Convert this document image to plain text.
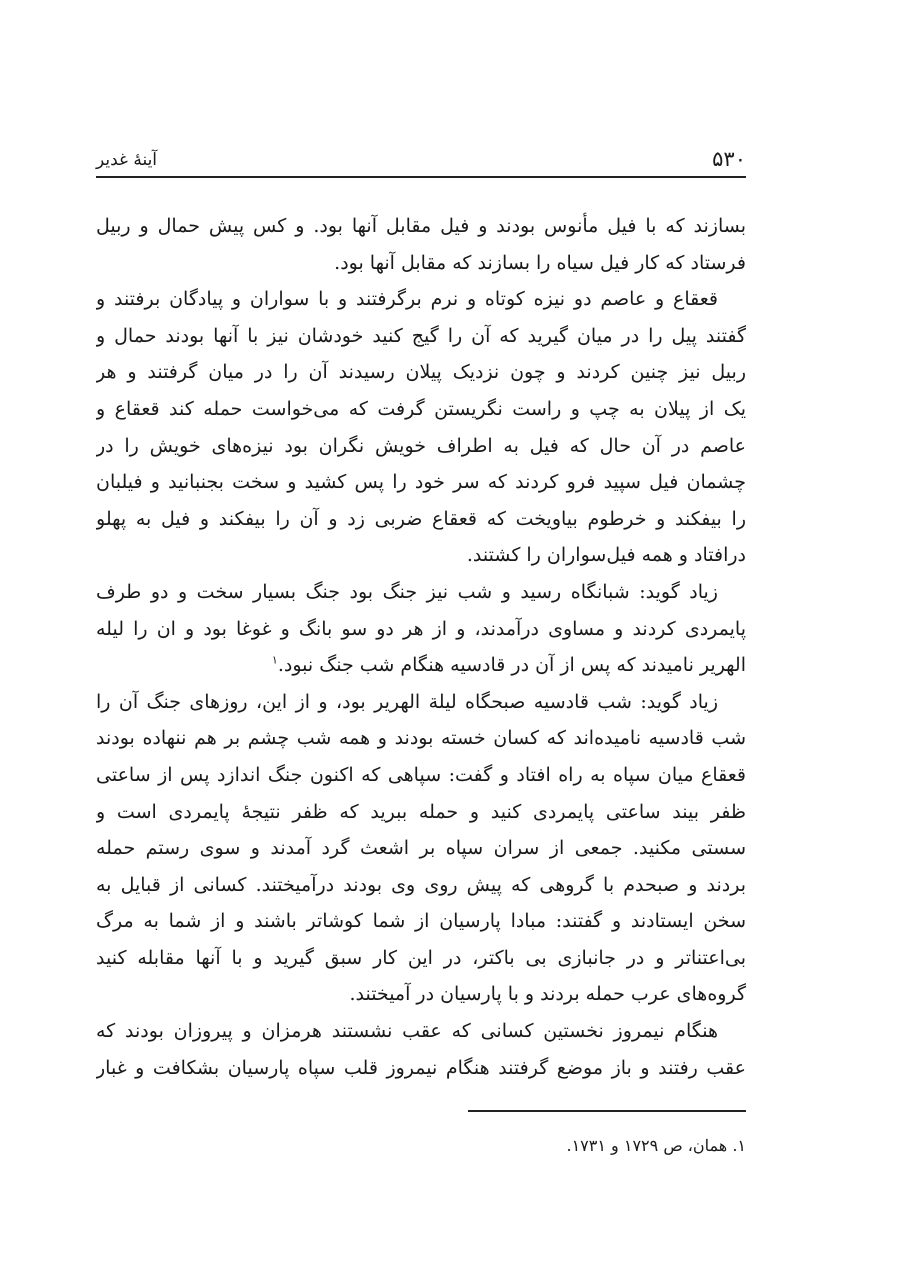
۵۳۰
آینهٔ غدیر
بسازند که با فیل مأنوس بودند و فیل مقابل آنها بود. و کس پیش حمال و ربیل
فرستاد که کار فیل سیاه را بسازند که مقابل آنها بود.
قعقاع و عاصم دو نیزه کوتاه و نرم برگرفتند و با سواران و پیادگان برفتند و
گفتند پیل را در میان گیرید که آن را گیج کنید خودشان نیز با آنها بودند حمال و
ربیل نیز چنین کردند و چون نزدیک پیلان رسیدند آن را در میان گرفتند و هر
یک از پیلان به چپ و راست نگریستن گرفت که می‌خواست حمله کند قعقاع و
عاصم در آن حال که فیل به اطراف خویش نگران بود نیزه‌های خویش را در
چشمان فیل سپید فرو کردند که سر خود را پس کشید و سخت بجنبانید و فیلبان
را بیفکند و خرطوم بیاویخت که قعقاع ضربی زد و آن را بیفکند و فیل به پهلو
درافتاد و همه فیل‌سواران را کشتند.
زیاد گوید: شبانگاه رسید و شب نیز جنگ بود جنگ بسیار سخت و دو طرف
پایمردی کردند و مساوی درآمدند، و از هر دو سو بانگ و غوغا بود و ان را لیله
الهریر نامیدند که پس از آن در قادسیه هنگام شب جنگ نبود.$^۱$
زیاد گوید: شب قادسیه صبحگاه لیلة الهریر بود، و از این، روزهای جنگ آن را
شب قادسیه نامیده‌اند که کسان خسته بودند و همه شب چشم بر هم ننهاده بودند
قعقاع میان سپاه به راه افتاد و گفت: سپاهی که اکنون جنگ اندازد پس از ساعتی
ظفر بیند ساعتی پایمردی کنید و حمله ببرید که ظفر نتیجهٔ پایمردی است و
سستی مکنید. جمعی از سران سپاه بر اشعث گرد آمدند و سوی رستم حمله
بردند و صبحدم با گروهی که پیش روی وی بودند درآمیختند. کسانی از قبایل به
سخن ایستادند و گفتند: مبادا پارسیان از شما کوشاتر باشند و از شما به مرگ
بی‌اعتناتر و در جانبازی بی باکتر، در این کار سبق گیرید و با آنها مقابله کنید
گروه‌های عرب حمله بردند و با پارسیان در آمیختند.
هنگام نیمروز نخستین کسانی که عقب نشستند هرمزان و پیروزان بودند که
عقب رفتند و باز موضع گرفتند هنگام نیمروز قلب سپاه پارسیان بشکافت و غبار
۱. همان، ص ۱۷۲۹ و ۱۷۳۱.
